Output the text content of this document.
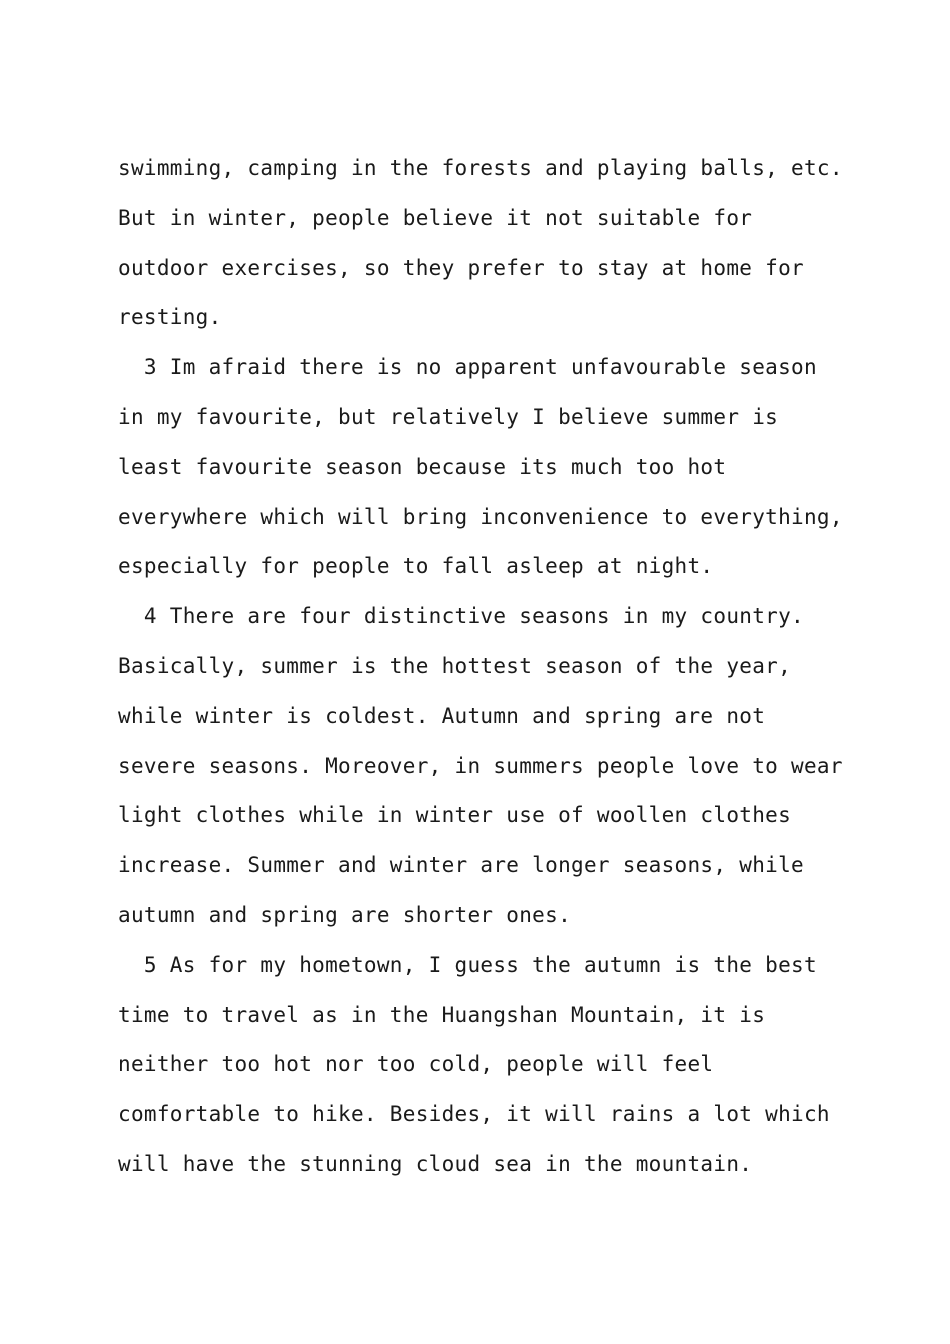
swimming, camping in the forests and playing balls, etc.
But in winter, people believe it not suitable for
outdoor exercises, so they prefer to stay at home for
resting.
3 Im afraid there is no apparent unfavourable season
in my favourite, but relatively I believe summer is
least favourite season because its much too hot
everywhere which will bring inconvenience to everything,
especially for people to fall asleep at night.
4 There are four distinctive seasons in my country.
Basically, summer is the hottest season of the year,
while winter is coldest. Autumn and spring are not
severe seasons. Moreover, in summers people love to wear
light clothes while in winter use of woollen clothes
increase. Summer and winter are longer seasons, while
autumn and spring are shorter ones.
5 As for my hometown, I guess the autumn is the best
time to travel as in the Huangshan Mountain, it is
neither too hot nor too cold, people will feel
comfortable to hike. Besides, it will rains a lot which
will have the stunning cloud sea in the mountain.
